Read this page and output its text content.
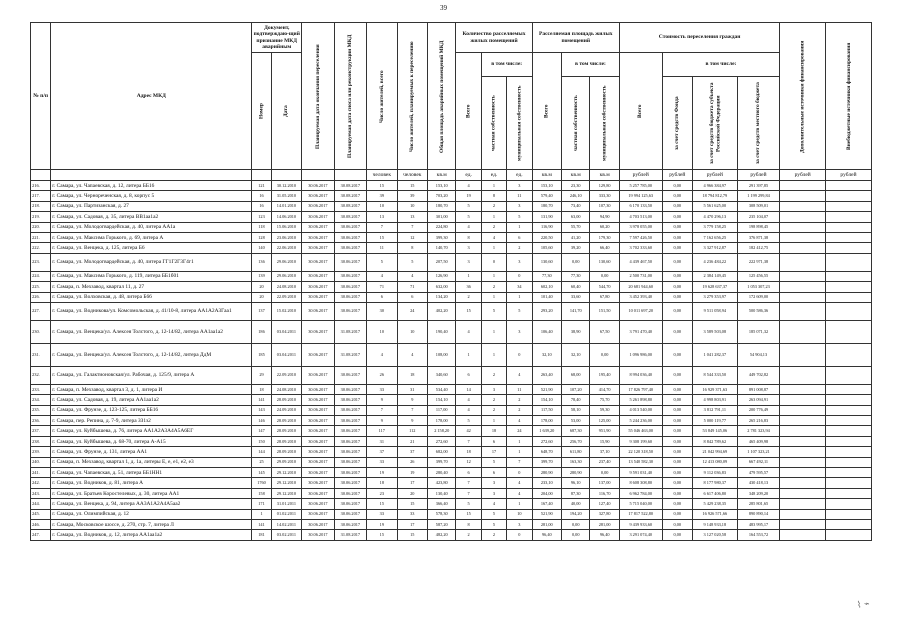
39
№ п/п	Адрес МКД	Документ, подтверждаю-щий признание МКД аварийным		Планируемая дата окончания переселения	Планируемая дата сноса или реконструкции МКД	Число жителей, всего	Число жителей, планируемых к переселению	Общая площадь аварийных помещений МКД	Количество расселяемых жилых помещений			Расселяемая площадь жилых помещений			Стоимость переселения граждан				Дополнительные источники финансирования	Внебюджетные источники финансирования
		Номер	Дата						Всего	в том числе:		Всего	в том числе:		Всего	в том числе:				
										частная собственность	муниципальная собственность		частная собственность	муниципальная собственность		за счет средств Фонда	за счет средств бюджета субъекта Российской Федерации	за счет средств местного бюджета		
						человек	человек	кв.м	ед.	ед.	ед.	кв.м	кв.м	кв.м	рублей	рублей	рублей	рублей	рублей	рублей
216.	г. Самара, ул. Чапаевская, д. 12, литера ББ16	121	30.12.2010	30.06.2017	30.08.2017	15	15	153,10	4	1	3	153,10	23,30	129,80	5 257 785,00	0,00	4 966 384,97	291 397,85		
217.	г. Самара, ул. Чернореченская, д. 8, корпус 5	16	31.05.2010	30.06.2017	30.08.2017	39	39	703,20	19	8	11	579,40	246,10	333,30	19 994 125,63	0,00	18 794 812,79	1 199 299,84		
218.	г. Самара, ул. Партизанская, д. 27	16	14.01.2010	30.06.2017	30.08.2017	10	10	180,70	5	2	3	180,70	73,40	107,30	6 170 133,50	0,00	5 561 625,00	308 509,01		
219.	г. Самара, ул. Садовая, д. 35, литера ВВ1аа1а2	123	14.06.2010	30.06.2017	30.08.2017	13	13	301,00	5	1	5	131,90	63,00	94,90	4 703 513,00	0,00	4 470 296,13	235 104,07		
220.	г. Самара, ул. Молодогвардейская, д. 40, литера АА1а	118	15.06.2010	30.06.2017	30.06.2017	7	7	224,80	4	2	1	116,90	55,70	60,20	3 978 055,00	0,00	3 779 158,25	198 898,45		
221.	г. Самара, ул. Максима Горького, д. 69, литера А	128	23.06.2010	30.06.2017	30.06.2017	15	12	399,30	8	4	6	220,50	41,20	179,30	7 597 426,50	0,00	7 162 656,25	376 871,38		
222.	г. Самара, ул. Венцека, д. 125, литера Б6	140	22.06.2010	30.06.2017	30.06.2017	11	8	140,70	3	1	2	105,60	39,20	66,40	3 702 333,60	0,00	3 327 912,87	182 412,75		
223.	г. Самара, ул. Молодогвардейская, д. 40, литера ГГ1Г2Г3Г4г1	136	29.06.2010	30.06.2017	30.06.2017	5	5	207,50	3	0	3	130,60	0,00	130,60	4 439 467,50	0,00	4 236 484,22	222 971,38		
224.	г. Самара, ул. Максима Горького, д. 119, литера ББ1б01	139	29.06.2010	30.06.2017	30.06.2017	4	4	126,90	1	1	0	77,30	77,30	0,00	2 500 731,00	0,00	2 384 149,45	125 456,55		
225.	г. Самара, п. Мехзавод, квартал 11, д. 27	20	24.08.2010	30.06.2017	30.06.2017	71	71	632,00	36	2	34	602,10	60,40	544,70	20 681 944,60	0,00	19 628 637,37	1 053 307,23		
226.	г. Самара, ул. Волховская, д. 48, литера Б66	20	22.09.2010	30.06.2017	30.06.2017	6	6	134,20	2	1	1	101,40	33,60	67,80	3 452 393,40	0,00	3 279 353,97	172 609,00		
227.	г. Самара, ул. Водникова/ул. Комсомольская, д. 41/10-8, литера АА1А2А3Гаа1	137	15.02.2010	30.06.2017	30.06.2017	30	24	402,20	15	5	5	293,20	141,70	151,50	10 011 697,20	0,00	9 511 058,94	500 586,36		
230.	г. Самара, ул. Венцека/ул. Алексея Толстого, д. 12-14/82, литера АА1аа1а2	186	03.04.2011	30.06.2017	31.08.2017	10	10	190,40	4	1	3	106,40	38,90	67,50	3 791 470,40	0,00	3 589 503,08	185 071,32		
231.	г. Самара, ул. Венцека/ул. Алексея Толстого, д. 12-14/82, литера ДдМ	185	03.04.2011	30.06.2017	31.08.2017	4	4	108,00	1	1	0	32,10	32,10	0,00	1 096 986,00	0,00	1 041 282,37	54 904,13		
232.	г. Самара, ул. Галактионовская/ул. Рабочая, д. 125/9, литера А	29	22.09.2010	30.06.2017	30.06.2017	26	18	340,60	6	2	4	263,40	68,00	195,40	8 994 036,40	0,00	8 544 333,50	449 702,82		
233.	г. Самара, п. Мехзавод, квартал 3, д. 1, литера И	18	24.08.2010	30.06.2017	30.06.2017	33	31	534,40	14	3	11	521,90	107,20	414,70	17 826 797,40	0,00	16 929 371,63	891 008,87		
234.	г. Самара, ул. Садовая, д. 19, литера АА1аа1а2	141	28.09.2010	30.06.2017	30.06.2017	9	9	154,10	4	2	2	154,10	78,40	75,70	5 261 898,80	0,00	4 998 803,91	263 094,91		
235.	г. Самара, ул. Фрунзе, д. 123-125, литера ББ16	143	24.09.2010	30.06.2017	30.06.2017	7	7	117,00	4	2	2	117,50	58,10	59,30	4 013 540,00	0,00	3 812 791,11	200 776,49		
236.	г. Самара, пер. Репина, д. 7-9, литера ЗЗ1з2	146	28.09.2010	30.06.2017	30.06.2017	9	9	178,00	5	1	4	178,00	53,00	125,00	5 244 236,00	0,00	5 000 119,77	265 216,83		
237.	г. Самара, ул. Куйбышева, д. 76, литера АА1А2А3А4А5А6ЕГ	147	28.09.2010	30.06.2017	30.06.2017	117	112	2 158,20	42	18	24	1 639,20	687,30	951,90	55 046 463,00	0,00	53 849 145,06	2 781 323,94		
238.	г. Самара, ул. Куйбышева, д. 68-70, литера А-А15	150	28.09.2010	30.06.2017	30.06.2017	31	21	272,60	7	6	1	272,60	256,70	15,90	9 308 199,60	0,00	8 842 789,62	465 409,98		
239.	г. Самара, ул. Фрунзе, д. 131, литера АА1	144	28.09.2010	30.06.2017	30.06.2017	37	37	682,00	18	17	1	648,70	611,80	37,10	22 120 318,50	0,00	21 042 994,69	1 107 323,21		
240.	г. Самара, п. Мехзавод, квартал 1, д. 1а, литеры Е, е, е1, е2, е3	25	29.09.2010	30.06.2017	30.06.2017	33	26	399,70	12	5	7	399,70	163,30	237,40	13 540 582,30	0,00	12 413 080,09	667 492,11		
241.	г. Самара, ул. Чапаевская, д. 51, литера ББ1НН1	145	29.12.2010	30.06.2017	30.06.2017	19	19	280,40	6	6	0	280,90	280,90	0,00	9 591 031,40	0,00	9 112 036,83	479 595,57		
242.	г. Самара, ул. Водников, д. 81, литера А	1760	29.12.2010	30.06.2017	30.06.2017	18	17	423,80	7	3	4	233,10	96,10	137,00	8 608 308,80	0,00	8 177 980,37	430 418,13		
243.	г. Самара, ул. Братьев Коростелевых, д. 30, литера АА1	158	29.12.2010	30.06.2017	30.06.2017	23	20	130,40	7	3	4	204,00	87,30	116,70	6 962 784,00	0,00	6 617 406,80	348 209,20		
244.	г. Самара, ул. Венцека, д. 94, литера АА3А1А2А4А5аа2	171	31.01.2011	30.06.2017	30.06.2017	15	15	366,40	5	4	1	167,40	40,00	127,40	5 715 040,00	0,00	5 429 238,35	285 801,65		
245.	г. Самара, ул. Олимпийская, д. 12	1	01.02.2011	30.06.2017	30.06.2017	33	33	578,30	15	5	10	521,90	194,20	327,80	17 817 522,80	0,00	16 926 571,66	890 890,14		
246.	г. Самара, Московское шоссе, д. 270, стр. 7, литера Л	141	14.02.2011	30.06.2017	30.06.2017	19	17	587,20	8	5	3	281,00	0,00	281,00	9 439 933,60	0,00	9 148 933,18	483 995,17		
247.	г. Самара, ул. Водников, д. 12, литера АА1аа1а2	181	03.02.2011	30.06.2017	31.08.2017	15	15	482,20	2	2	0	96,40	0,00	96,40	3 291 074,40	0,00	3 127 020,58	164 553,72		
⌇ ⌁
